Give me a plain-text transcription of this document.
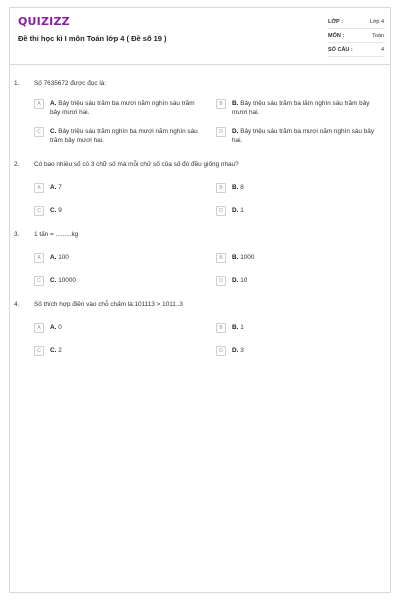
QUIZIZZ
Đề thi học kì I môn Toán lớp 4 ( Đề số 19 )
LỚP :	Lớp 4
MÔN :	Toán
SỐ CÂU :	4
1. Số 7635672 được đọc là:
A	A. Bảy triệu sáu trăm ba mươi năm nghìn sáu trăm bảy mươi hai.
B	B. Bảy triệu sáu trăm ba lăm nghìn sáu trăm bảy mươi hai.
C	C. Bảy triệu sáu trăm nghìn ba mươi năm nghìn sáu trăm bảy mươi hai.
D	D. Bảy triệu sáu trăm ba mươi năm nghìn sáu bảy hai.
2. Có bao nhiêu số có 3 chữ số mà mỗi chữ số của số đó đều giống nhau?
A	A. 7	B	B. 8
C	C. 9	D	D. 1
3. 1 tấn = .........kg
A	A. 100	B	B. 1000
C	C. 10000	D	D. 10
4. Số thích hợp điền vào chỗ chấm là:101113 > 1011..3
A	A. 0	B	B. 1
C	C. 2	D	D. 3
